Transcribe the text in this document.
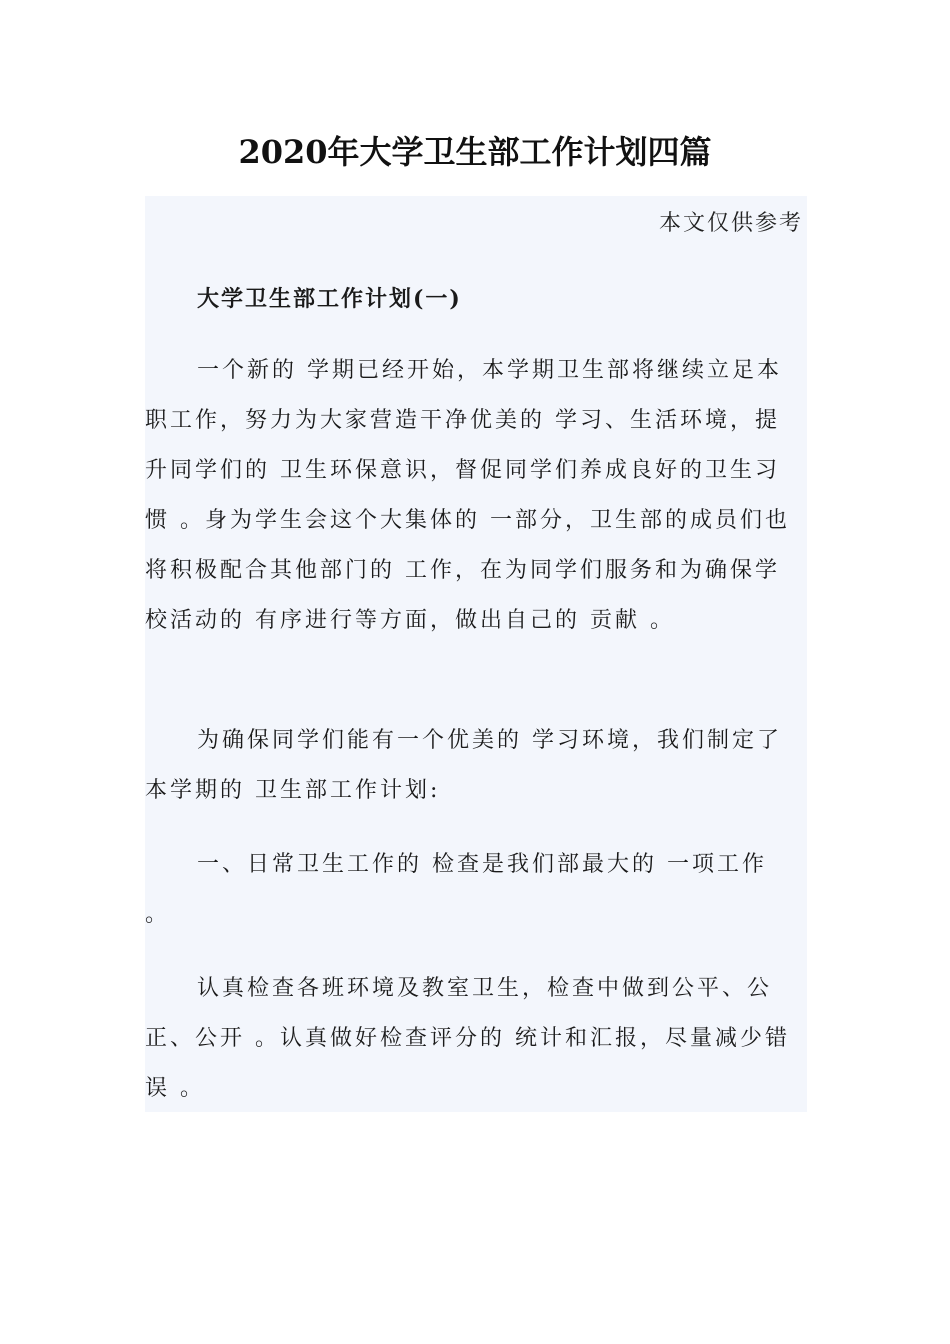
2020年大学卫生部工作计划四篇
本文仅供参考

大学卫生部工作计划(一)

一个新的 学期已经开始，本学期卫生部将继续立足本职工作，努力为大家营造干净优美的 学习、生活环境，提升同学们的 卫生环保意识，督促同学们养成良好的卫生习惯 。身为学生会这个大集体的 一部分，卫生部的成员们也将积极配合其他部门的 工作，在为同学们服务和为确保学校活动的 有序进行等方面，做出自己的 贡献 。

为确保同学们能有一个优美的 学习环境，我们制定了本学期的 卫生部工作计划:

一、日常卫生工作的 检查是我们部最大的 一项工作 。

认真检查各班环境及教室卫生，检查中做到公平、公正、公开 。认真做好检查评分的 统计和汇报，尽量减少错误 。
